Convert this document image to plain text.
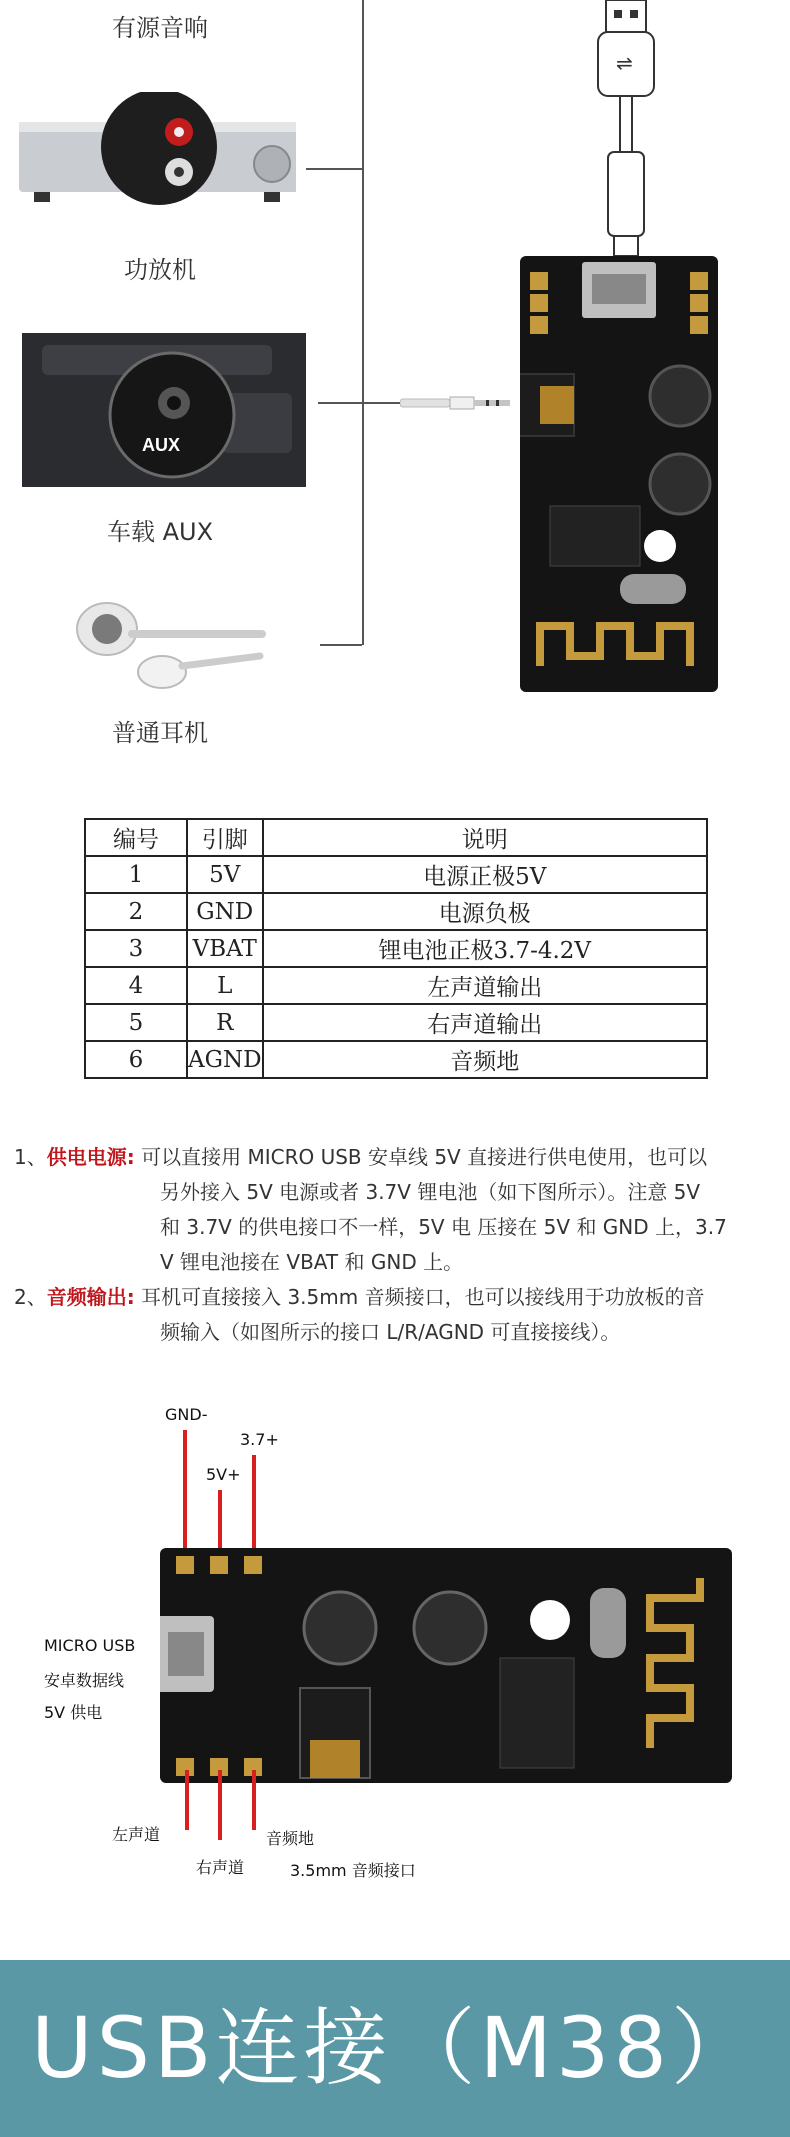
有源音响
功放机
AUX
车载 AUX
普通耳机
⇌
编号	引脚	说明
1	5V	电源正极5V
2	GND	电源负极
3	VBAT	锂电池正极3.7-4.2V
4	L	左声道输出
5	R	右声道输出
6	AGND	音频地
1、供电电源: 可以直接用 MICRO USB 安卓线 5V 直接进行供电使用，也可以
另外接入 5V 电源或者 3.7V 锂电池（如下图所示）。注意 5V
和 3.7V 的供电接口不一样，5V 电 压接在 5V 和 GND 上，3.7
V 锂电池接在 VBAT 和 GND 上。
2、音频输出: 耳机可直接接入 3.5mm 音频接口，也可以接线用于功放板的音
频输入（如图所示的接口 L/R/AGND 可直接接线）。
GND-
3.7+
5V+
MICRO USB
安卓数据线
5V 供电
左声道
右声道
音频地
3.5mm 音频接口
USB连接（M38）
